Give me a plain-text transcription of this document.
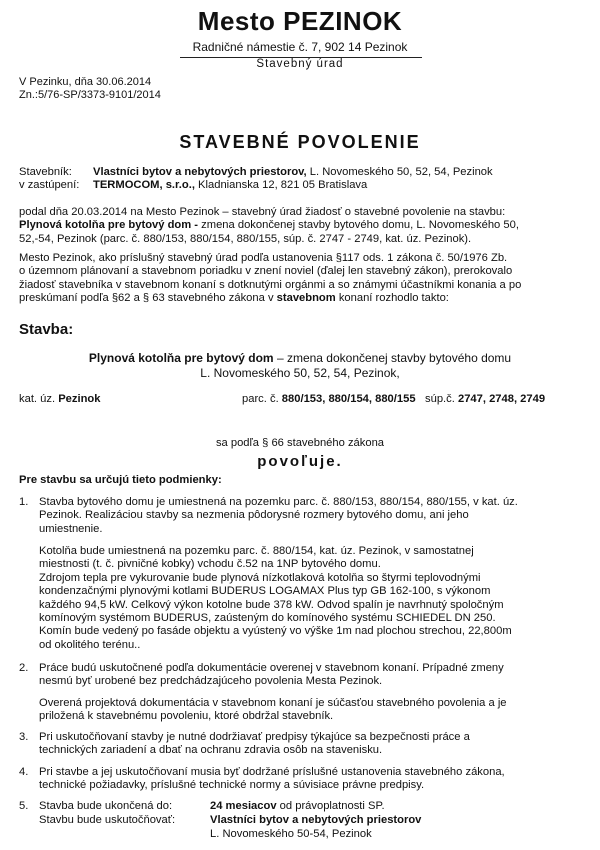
Mesto PEZINOK
Radničné námestie č. 7, 902 14 Pezinok
Stavebný úrad
V Pezinku, dňa 30.06.2014
Zn.:5/76-SP/3373-9101/2014
STAVEBNÉ POVOLENIE
Stavebník:	Vlastníci bytov a nebytových priestorov, L. Novomeského 50, 52, 54, Pezinok
v zastúpení:	TERMOCOM, s.r.o., Kladnianska 12, 821 05 Bratislava
podal dňa 20.03.2014 na Mesto Pezinok – stavebný úrad žiadosť o stavebné povolenie na stavbu:
Plynová kotolňa pre bytový dom - zmena dokončenej stavby bytového domu, L. Novomeského 50,
52,-54, Pezinok (parc. č. 880/153, 880/154, 880/155, súp. č. 2747 - 2749, kat. úz. Pezinok).
Mesto Pezinok, ako príslušný stavebný úrad podľa ustanovenia §117 ods. 1 zákona č. 50/1976 Zb.
o územnom plánovaní a stavebnom poriadku v znení noviel (ďalej len stavebný zákon), prerokovalo
žiadosť stavebníka v stavebnom konaní s dotknutými orgánmi a so známymi účastníkmi konania a po
preskúmaní podľa §62 a § 63 stavebného zákona v stavebnom konaní rozhodlo takto:
Stavba:
Plynová kotolňa pre bytový dom – zmena dokončenej stavby bytového domu
L. Novomeského 50, 52, 54, Pezinok,
kat. úz. Pezinok	parc. č. 880/153, 880/154, 880/155 súp.č. 2747, 2748, 2749
sa podľa § 66 stavebného zákona
povoľuje.
Pre stavbu sa určujú tieto podmienky:
1. Stavba bytového domu je umiestnená na pozemku parc. č. 880/153, 880/154, 880/155, v kat. úz.
Pezinok. Realizáciou stavby sa nezmenia pôdorysné rozmery bytového domu, ani jeho
umiestnenie.
Kotolňa bude umiestnená na pozemku parc. č. 880/154, kat. úz. Pezinok, v samostatnej
miestnosti (t. č. pivničné kobky) vchodu č.52 na 1NP bytového domu.
Zdrojom tepla pre vykurovanie bude plynová nízkotlaková kotolňa so štyrmi teplovodnými
kondenzačnými plynovými kotlami BUDERUS LOGAMAX Plus typ GB 162-100, s výkonom
každého 94,5 kW. Celkový výkon kotolne bude 378 kW. Odvod spalín je navrhnutý spoločným
komínovým systémom BUDERUS, zaústeným do komínového systému SCHIEDEL DN 250.
Komín bude vedený po fasáde objektu a vyústený vo výške 1m nad plochou strechou, 22,800m
od okolitého terénu..
2. Práce budú uskutočnené podľa dokumentácie overenej v stavebnom konaní. Prípadné zmeny
nesmú byť urobené bez predchádzajúceho povolenia Mesta Pezinok.
Overená projektová dokumentácia v stavebnom konaní je súčasťou stavebného povolenia a je
priložená k stavebnému povoleniu, ktoré obdržal stavebník.
3. Pri uskutočňovaní stavby je nutné dodržiavať predpisy týkajúce sa bezpečnosti práce a
technických zariadení a dbať na ochranu zdravia osôb na stavenisku.
4. Pri stavbe a jej uskutočňovaní musia byť dodržané príslušné ustanovenia stavebného zákona,
technické požiadavky, príslušné technické normy a súvisiace právne predpisy.
5. Stavba bude ukončená do:	24 mesiacov od právoplatnosti SP.
Stavbu bude uskutočňovať:	Vlastníci bytov a nebytových priestorov
L. Novomeského 50-54, Pezinok
